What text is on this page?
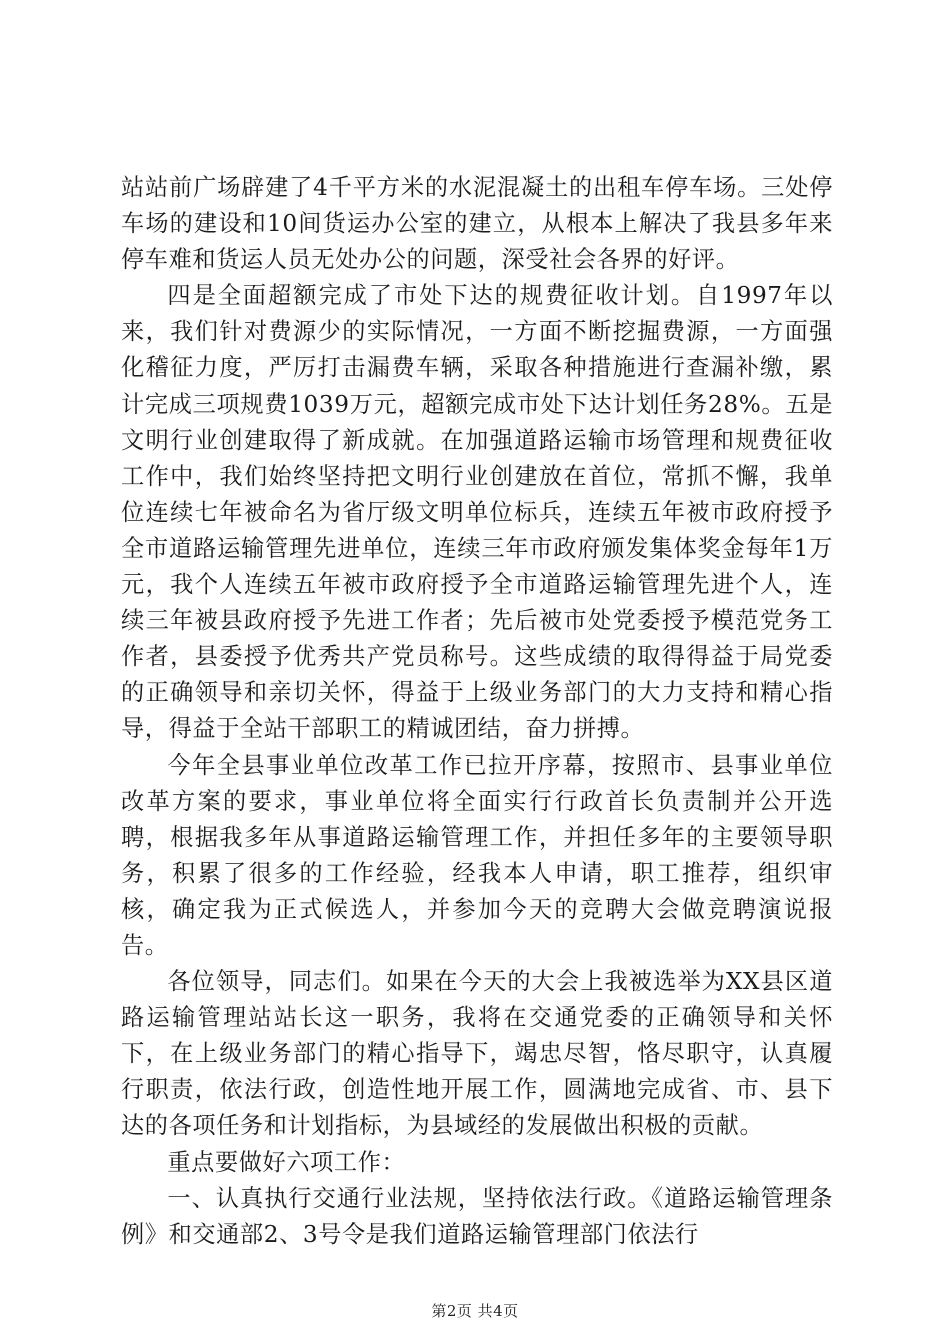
站站前广场辟建了4千平方米的水泥混凝土的出租车停车场。三处停车场的建设和10间货运办公室的建立，从根本上解决了我县多年来停车难和货运人员无处办公的问题，深受社会各界的好评。

四是全面超额完成了市处下达的规费征收计划。自1997年以来，我们针对费源少的实际情况，一方面不断挖掘费源，一方面强化稽征力度，严厉打击漏费车辆，采取各种措施进行查漏补缴，累计完成三项规费1039万元，超额完成市处下达计划任务28%。五是文明行业创建取得了新成就。在加强道路运输市场管理和规费征收工作中，我们始终坚持把文明行业创建放在首位，常抓不懈，我单位连续七年被命名为省厅级文明单位标兵，连续五年被市政府授予全市道路运输管理先进单位，连续三年市政府颁发集体奖金每年1万元，我个人连续五年被市政府授予全市道路运输管理先进个人，连续三年被县政府授予先进工作者；先后被市处党委授予模范党务工作者，县委授予优秀共产党员称号。这些成绩的取得得益于局党委的正确领导和亲切关怀，得益于上级业务部门的大力支持和精心指导，得益于全站干部职工的精诚团结，奋力拼搏。

今年全县事业单位改革工作已拉开序幕，按照市、县事业单位改革方案的要求，事业单位将全面实行行政首长负责制并公开选聘，根据我多年从事道路运输管理工作，并担任多年的主要领导职务，积累了很多的工作经验，经我本人申请，职工推荐，组织审核，确定我为正式候选人，并参加今天的竞聘大会做竞聘演说报告。

各位领导，同志们。如果在今天的大会上我被选举为XX县区道路运输管理站站长这一职务，我将在交通党委的正确领导和关怀下，在上级业务部门的精心指导下，竭忠尽智，恪尽职守，认真履行职责，依法行政，创造性地开展工作，圆满地完成省、市、县下达的各项任务和计划指标，为县域经的发展做出积极的贡献。

重点要做好六项工作：

一、认真执行交通行业法规，坚持依法行政。《道路运输管理条例》和交通部2、3号令是我们道路运输管理部门依法行

第2页 共4页
